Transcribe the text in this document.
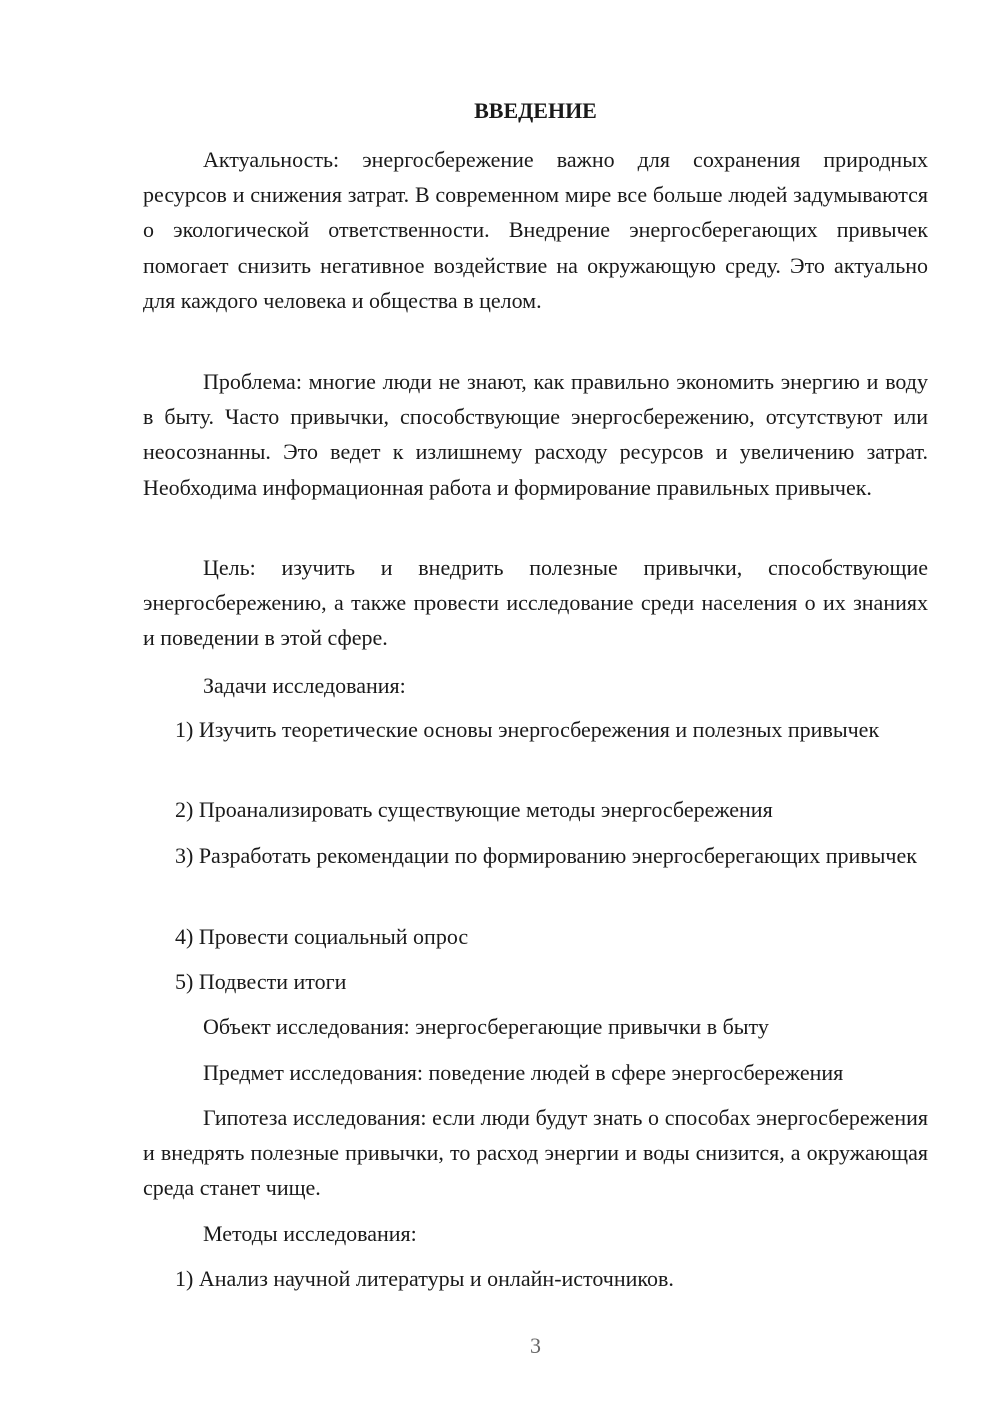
ВВЕДЕНИЕ

Актуальность: энергосбережение важно для сохранения природных ресурсов и снижения затрат. В современном мире все больше людей задумываются о экологической ответственности. Внедрение энергосберегающих привычек помогает снизить негативное воздействие на окружающую среду. Это актуально для каждого человека и общества в целом.

Проблема: многие люди не знают, как правильно экономить энергию и воду в быту. Часто привычки, способствующие энергосбережению, отсутствуют или неосознанны. Это ведет к излишнему расходу ресурсов и увеличению затрат. Необходима информационная работа и формирование правильных привычек.

Цель: изучить и внедрить полезные привычки, способствующие энергосбережению, а также провести исследование среди населения о их знаниях и поведении в этой сфере.

Задачи исследования:

1) Изучить теоретические основы энергосбережения и полезных привычек

2) Проанализировать существующие методы энергосбережения

3) Разработать рекомендации по формированию энергосберегающих привычек

4) Провести социальный опрос

5) Подвести итоги

Объект исследования: энергосберегающие привычки в быту

Предмет исследования: поведение людей в сфере энергосбережения

Гипотеза исследования: если люди будут знать о способах энергосбережения и внедрять полезные привычки, то расход энергии и воды снизится, а окружающая среда станет чище.

Методы исследования:

1) Анализ научной литературы и онлайн-источников.

3
